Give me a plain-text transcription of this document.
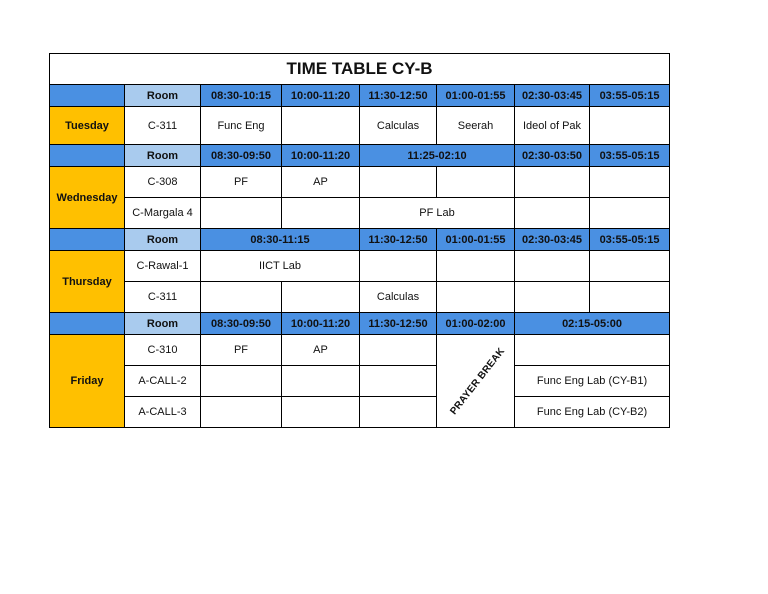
TIME TABLE CY-B							
	Room	08:30-10:15	10:00-11:20	11:30-12:50	01:00-01:55	02:30-03:45	03:55-05:15
Tuesday	C-311	Func Eng		Calculas	Seerah	Ideol of Pak	
	Room	08:30-09:50	10:00-11:20	11:25-02:10		02:30-03:50	03:55-05:15
Wednesday	C-308	PF	AP				
	C-Margala 4			PF Lab			
	Room	08:30-11:15		11:30-12:50	01:00-01:55	02:30-03:45	03:55-05:15
Thursday	C-Rawal-1	IICT Lab					
	C-311			Calculas			
	Room	08:30-09:50	10:00-11:20	11:30-12:50	01:00-02:00	02:15-05:00	
Friday	C-310	PF	AP		PRAYER BREAK		
	A-CALL-2					Func Eng Lab (CY-B1)	
	A-CALL-3					Func Eng Lab (CY-B2)	
